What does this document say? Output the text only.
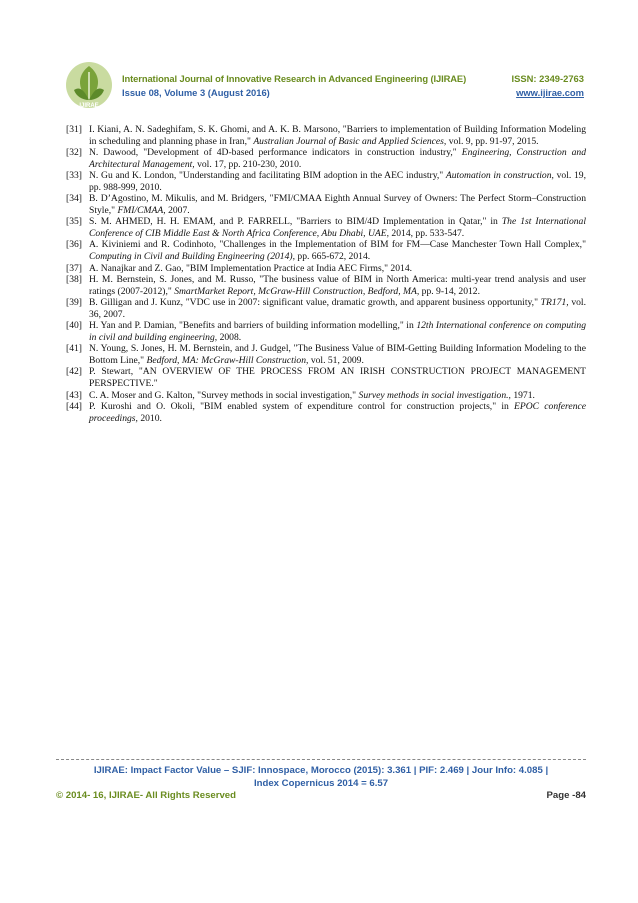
IJIRAE
International Journal of Innovative Research in Advanced Engineering (IJIRAE)
Issue 08, Volume 3 (August 2016)
ISSN: 2349-2763
www.ijirae.com
[31] I. Kiani, A. N. Sadeghifam, S. K. Ghomi, and A. K. B. Marsono, "Barriers to implementation of Building Information Modeling in scheduling and planning phase in Iran," Australian Journal of Basic and Applied Sciences, vol. 9, pp. 91-97, 2015.
[32] N. Dawood, "Development of 4D-based performance indicators in construction industry," Engineering, Construction and Architectural Management, vol. 17, pp. 210-230, 2010.
[33] N. Gu and K. London, "Understanding and facilitating BIM adoption in the AEC industry," Automation in construction, vol. 19, pp. 988-999, 2010.
[34] B. D’Agostino, M. Mikulis, and M. Bridgers, "FMI/CMAA Eighth Annual Survey of Owners: The Perfect Storm–Construction Style," FMI/CMAA, 2007.
[35] S. M. AHMED, H. H. EMAM, and P. FARRELL, "Barriers to BIM/4D Implementation in Qatar," in The 1st International Conference of CIB Middle East & North Africa Conference, Abu Dhabi, UAE, 2014, pp. 533-547.
[36] A. Kiviniemi and R. Codinhoto, "Challenges in the Implementation of BIM for FM—Case Manchester Town Hall Complex," Computing in Civil and Building Engineering (2014), pp. 665-672, 2014.
[37] A. Nanajkar and Z. Gao, "BIM Implementation Practice at India AEC Firms," 2014.
[38] H. M. Bernstein, S. Jones, and M. Russo, "The business value of BIM in North America: multi-year trend analysis and user ratings (2007-2012)," SmartMarket Report, McGraw-Hill Construction, Bedford, MA, pp. 9-14, 2012.
[39] B. Gilligan and J. Kunz, "VDC use in 2007: significant value, dramatic growth, and apparent business opportunity," TR171, vol. 36, 2007.
[40] H. Yan and P. Damian, "Benefits and barriers of building information modelling," in 12th International conference on computing in civil and building engineering, 2008.
[41] N. Young, S. Jones, H. M. Bernstein, and J. Gudgel, "The Business Value of BIM-Getting Building Information Modeling to the Bottom Line," Bedford, MA: McGraw-Hill Construction, vol. 51, 2009.
[42] P. Stewart, "AN OVERVIEW OF THE PROCESS FROM AN IRISH CONSTRUCTION PROJECT MANAGEMENT PERSPECTIVE."
[43] C. A. Moser and G. Kalton, "Survey methods in social investigation," Survey methods in social investigation., 1971.
[44] P. Kuroshi and O. Okoli, "BIM enabled system of expenditure control for construction projects," in EPOC conference proceedings, 2010.
IJIRAE: Impact Factor Value – SJIF: Innospace, Morocco (2015): 3.361 | PIF: 2.469 | Jour Info: 4.085 |
Index Copernicus 2014 = 6.57
© 2014- 16, IJIRAE- All Rights Reserved	Page -84
